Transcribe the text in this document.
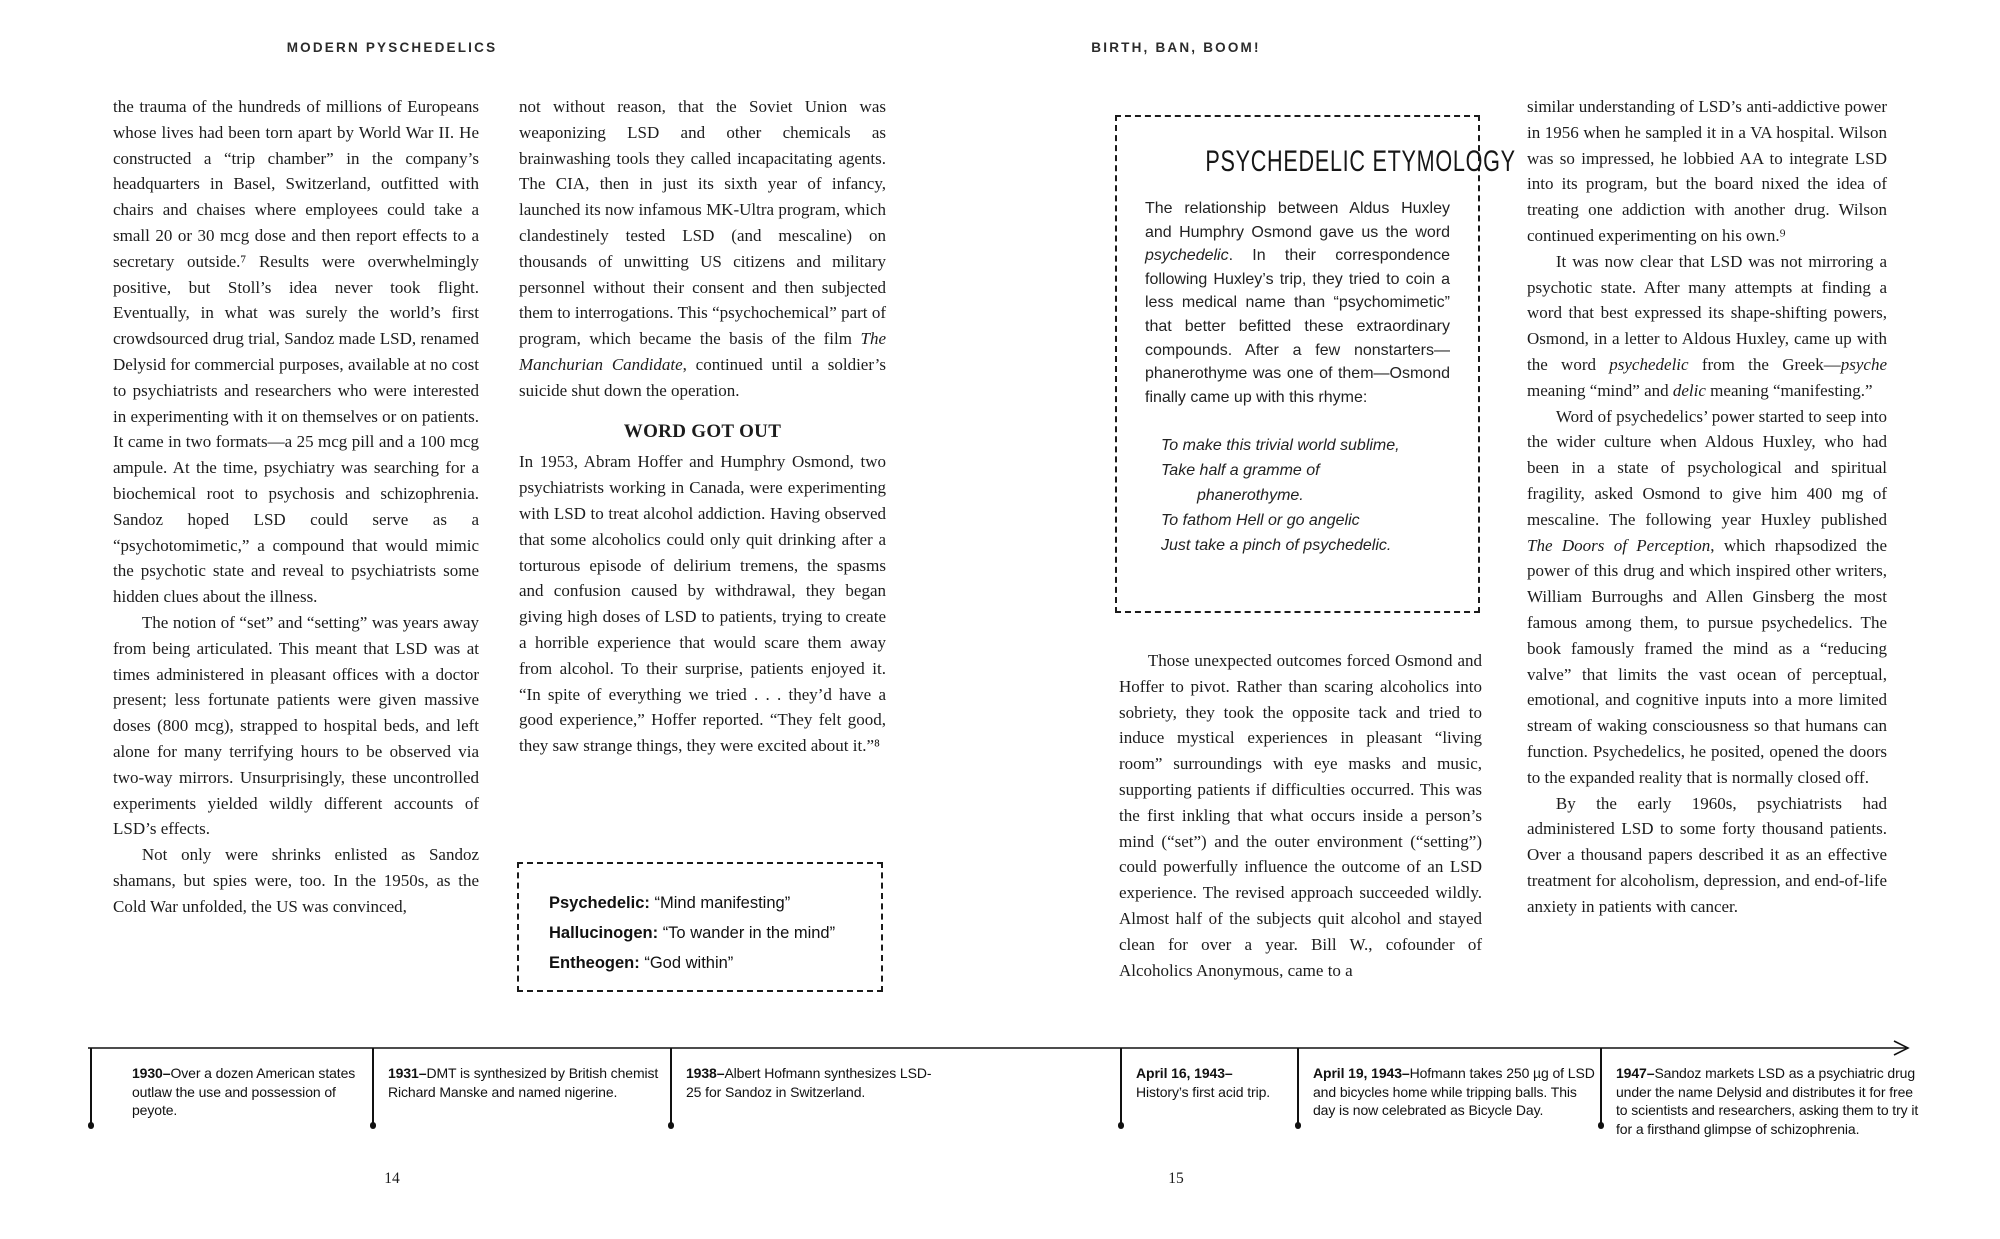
MODERN PYSCHEDELICS	BIRTH, BAN, BOOM!

the trauma of the hundreds of millions of Europeans whose lives had been torn apart by World War II. He constructed a “trip chamber” in the company’s headquarters in Basel, Switzerland, outfitted with chairs and chaises where employees could take a small 20 or 30 mcg dose and then report effects to a secretary outside.⁷ Results were overwhelmingly positive, but Stoll’s idea never took flight. Eventually, in what was surely the world’s first crowdsourced drug trial, Sandoz made LSD, renamed Delysid for commercial purposes, available at no cost to psychiatrists and researchers who were interested in experimenting with it on themselves or on patients. It came in two formats—a 25 mcg pill and a 100 mcg ampule. At the time, psychiatry was searching for a biochemical root to psychosis and schizophrenia. Sandoz hoped LSD could serve as a “psychotomimetic,” a compound that would mimic the psychotic state and reveal to psychiatrists some hidden clues about the illness.

The notion of “set” and “setting” was years away from being articulated. This meant that LSD was at times administered in pleasant offices with a doctor present; less fortunate patients were given massive doses (800 mcg), strapped to hospital beds, and left alone for many terrifying hours to be observed via two-way mirrors. Unsurprisingly, these uncontrolled experiments yielded wildly different accounts of LSD’s effects.

Not only were shrinks enlisted as Sandoz shamans, but spies were, too. In the 1950s, as the Cold War unfolded, the US was convinced,

not without reason, that the Soviet Union was weaponizing LSD and other chemicals as brainwashing tools they called incapacitating agents. The CIA, then in just its sixth year of infancy, launched its now infamous MK-Ultra program, which clandestinely tested LSD (and mescaline) on thousands of unwitting US citizens and military personnel without their consent and then subjected them to interrogations. This “psychochemical” part of program, which became the basis of the film The Manchurian Candidate, continued until a soldier’s suicide shut down the operation.

WORD GOT OUT

In 1953, Abram Hoffer and Humphry Osmond, two psychiatrists working in Canada, were experimenting with LSD to treat alcohol addiction. Having observed that some alcoholics could only quit drinking after a torturous episode of delirium tremens, the spasms and confusion caused by withdrawal, they began giving high doses of LSD to patients, trying to create a horrible experience that would scare them away from alcohol. To their surprise, patients enjoyed it. “In spite of everything we tried . . . they’d have a good experience,” Hoffer reported. “They felt good, they saw strange things, they were excited about it.”⁸

Psychedelic: “Mind manifesting”
Hallucinogen: “To wander in the mind”
Entheogen: “God within”
PSYCHEDELIC ETYMOLOGY

The relationship between Aldus Huxley and Humphry Osmond gave us the word psychedelic. In their correspondence following Huxley’s trip, they tried to coin a less medical name than “psychomimetic” that better befitted these extraordinary compounds. After a few nonstarters—phanerothyme was one of them—Osmond finally came up with this rhyme:

To make this trivial world sublime,
Take half a gramme of
phanerothyme.
To fathom Hell or go angelic
Just take a pinch of psychedelic.

Those unexpected outcomes forced Osmond and Hoffer to pivot. Rather than scaring alcoholics into sobriety, they took the opposite tack and tried to induce mystical experiences in pleasant “living room” surroundings with eye masks and music, supporting patients if difficulties occurred. This was the first inkling that what occurs inside a person’s mind (“set”) and the outer environment (“setting”) could powerfully influence the outcome of an LSD experience. The revised approach succeeded wildly. Almost half of the subjects quit alcohol and stayed clean for over a year. Bill W., cofounder of Alcoholics Anonymous, came to a

similar understanding of LSD’s anti-addictive power in 1956 when he sampled it in a VA hospital. Wilson was so impressed, he lobbied AA to integrate LSD into its program, but the board nixed the idea of treating one addiction with another drug. Wilson continued experimenting on his own.⁹

It was now clear that LSD was not mirroring a psychotic state. After many attempts at finding a word that best expressed its shape-shifting powers, Osmond, in a letter to Aldous Huxley, came up with the word psychedelic from the Greek—psyche meaning “mind” and delic meaning “manifesting.”

Word of psychedelics’ power started to seep into the wider culture when Aldous Huxley, who had been in a state of psychological and spiritual fragility, asked Osmond to give him 400 mg of mescaline. The following year Huxley published The Doors of Perception, which rhapsodized the power of this drug and which inspired other writers, William Burroughs and Allen Ginsberg the most famous among them, to pursue psychedelics. The book famously framed the mind as a “reducing valve” that limits the vast ocean of perceptual, emotional, and cognitive inputs into a more limited stream of waking consciousness so that humans can function. Psychedelics, he posited, opened the doors to the expanded reality that is normally closed off.

By the early 1960s, psychiatrists had administered LSD to some forty thousand patients. Over a thousand papers described it as an effective treatment for alcoholism, depression, and end-of-life anxiety in patients with cancer.

14	15

1930–Over a dozen American states outlaw the use and possession of peyote.

1931–DMT is synthesized by British chemist Richard Manske and named nigerine.

1938–Albert Hofmann synthesizes LSD-25 for Sandoz in Switzerland.

April 16, 1943–History’s first acid trip.

April 19, 1943–Hofmann takes 250 µg of LSD and bicycles home while tripping balls. This day is now celebrated as Bicycle Day.

1947–Sandoz markets LSD as a psychiatric drug under the name Delysid and distributes it for free to scientists and researchers, asking them to try it for a firsthand glimpse of schizophrenia.
